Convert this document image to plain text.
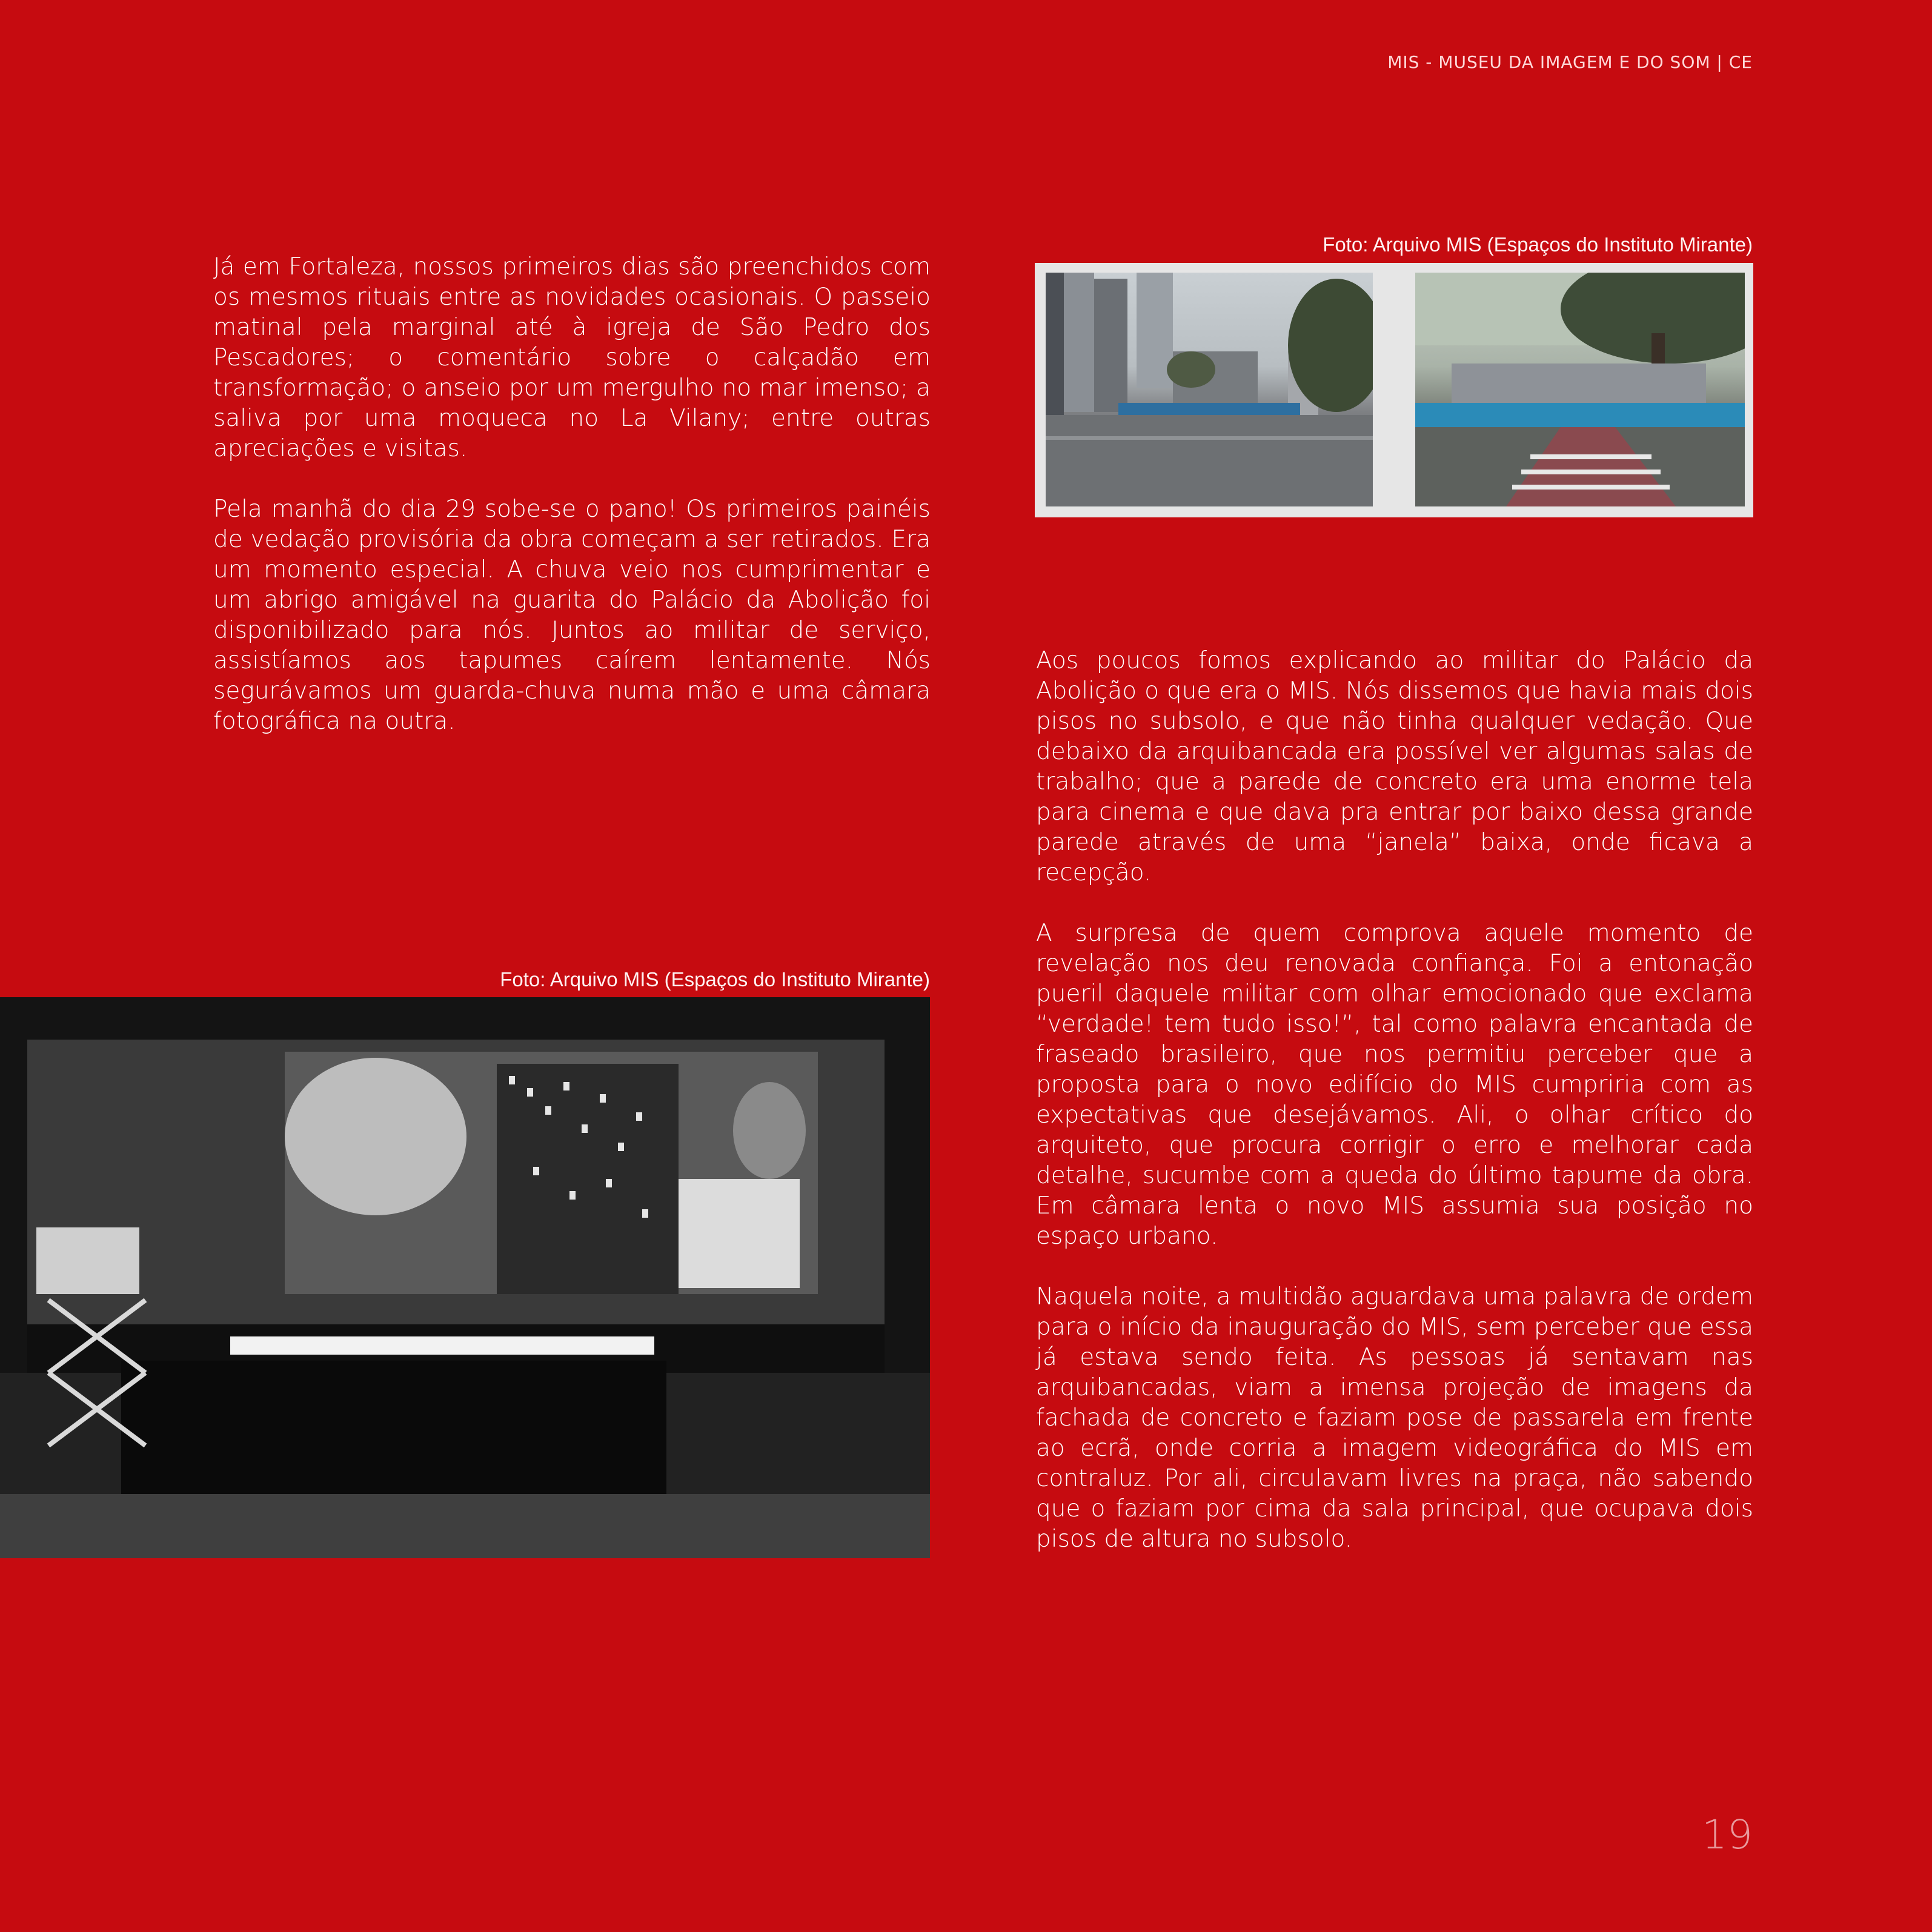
MIS - MUSEU DA IMAGEM E DO SOM | CE
Foto: Arquivo MIS (Espaços do Instituto Mirante)

Já em Fortaleza, nossos primeiros dias são preenchidos com os mesmos rituais entre as novidades ocasionais. O passeio matinal pela marginal até à igreja de São Pedro dos Pescadores; o comentário sobre o calçadão em transformação; o anseio por um mergulho no mar imenso; a saliva por uma moqueca no La Vilany; entre outras apreciações e visitas.

Pela manhã do dia 29 sobe-se o pano! Os primeiros painéis de vedação provisória da obra começam a ser retirados. Era um momento especial. A chuva veio nos cumprimentar e um abrigo amigável na guarita do Palácio da Abolição foi disponibilizado para nós. Juntos ao militar de serviço, assistíamos aos tapumes caírem lentamente. Nós segurávamos um guarda-chuva numa mão e uma câmara fotográfica na outra.

Foto: Arquivo MIS (Espaços do Instituto Mirante)

Aos poucos fomos explicando ao militar do Palácio da Abolição o que era o MIS. Nós dissemos que havia mais dois pisos no subsolo, e que não tinha qualquer vedação. Que debaixo da arquibancada era possível ver algumas salas de trabalho; que a parede de concreto era uma enorme tela para cinema e que dava pra entrar por baixo dessa grande parede através de uma “janela” baixa, onde ficava a recepção.

A surpresa de quem comprova aquele momento de revelação nos deu renovada confiança. Foi a entonação pueril daquele militar com olhar emocionado que exclama “verdade! tem tudo isso!”, tal como palavra encantada de fraseado brasileiro, que nos permitiu perceber que a proposta para o novo edifício do MIS cumpriria com as expectativas que desejávamos. Ali, o olhar crítico do arquiteto, que procura corrigir o erro e melhorar cada detalhe, sucumbe com a queda do último tapume da obra. Em câmara lenta o novo MIS assumia sua posição no espaço urbano.

Naquela noite, a multidão aguardava uma palavra de ordem para o início da inauguração do MIS, sem perceber que essa já estava sendo feita. As pessoas já sentavam nas arquibancadas, viam a imensa projeção de imagens da fachada de concreto e faziam pose de passarela em frente ao ecrã, onde corria a imagem videográfica do MIS em contraluz. Por ali, circulavam livres na praça, não sabendo que o faziam por cima da sala principal, que ocupava dois pisos de altura no subsolo.

19
